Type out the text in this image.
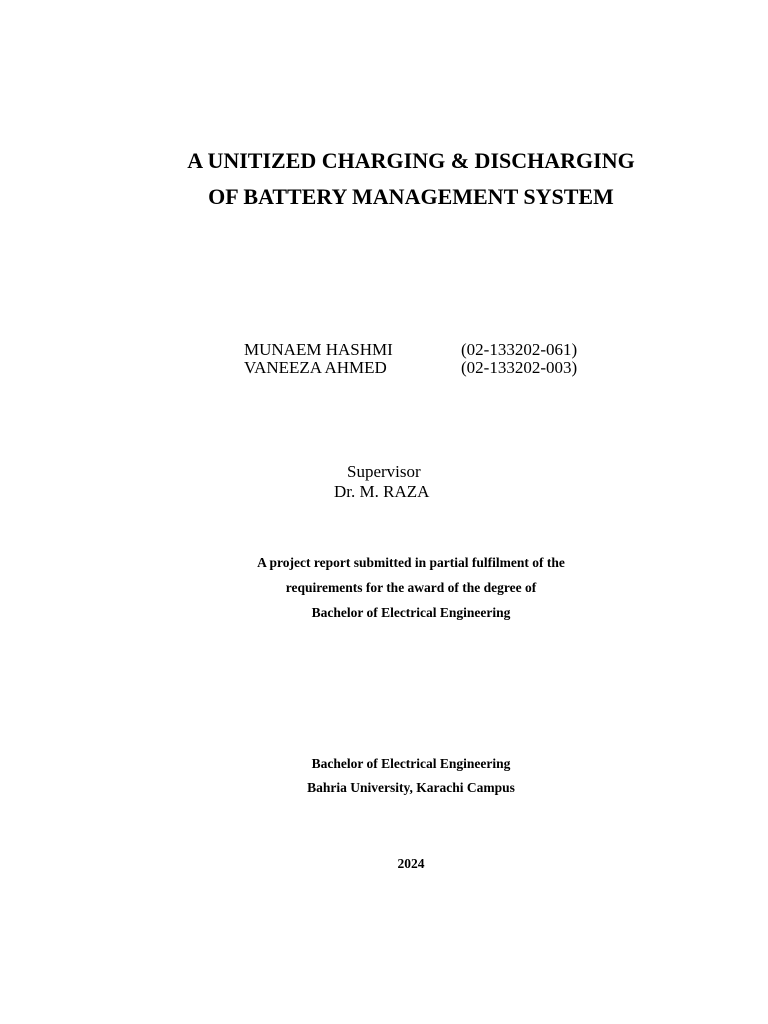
A UNITIZED CHARGING & DISCHARGING
OF BATTERY MANAGEMENT SYSTEM
MUNAEM HASHMI	(02-133202-061)
VANEEZA AHMED	(02-133202-003)
Supervisor
Dr. M. RAZA
A project report submitted in partial fulfilment of the
requirements for the award of the degree of
Bachelor of Electrical Engineering
Bachelor of Electrical Engineering
Bahria University, Karachi Campus
2024
